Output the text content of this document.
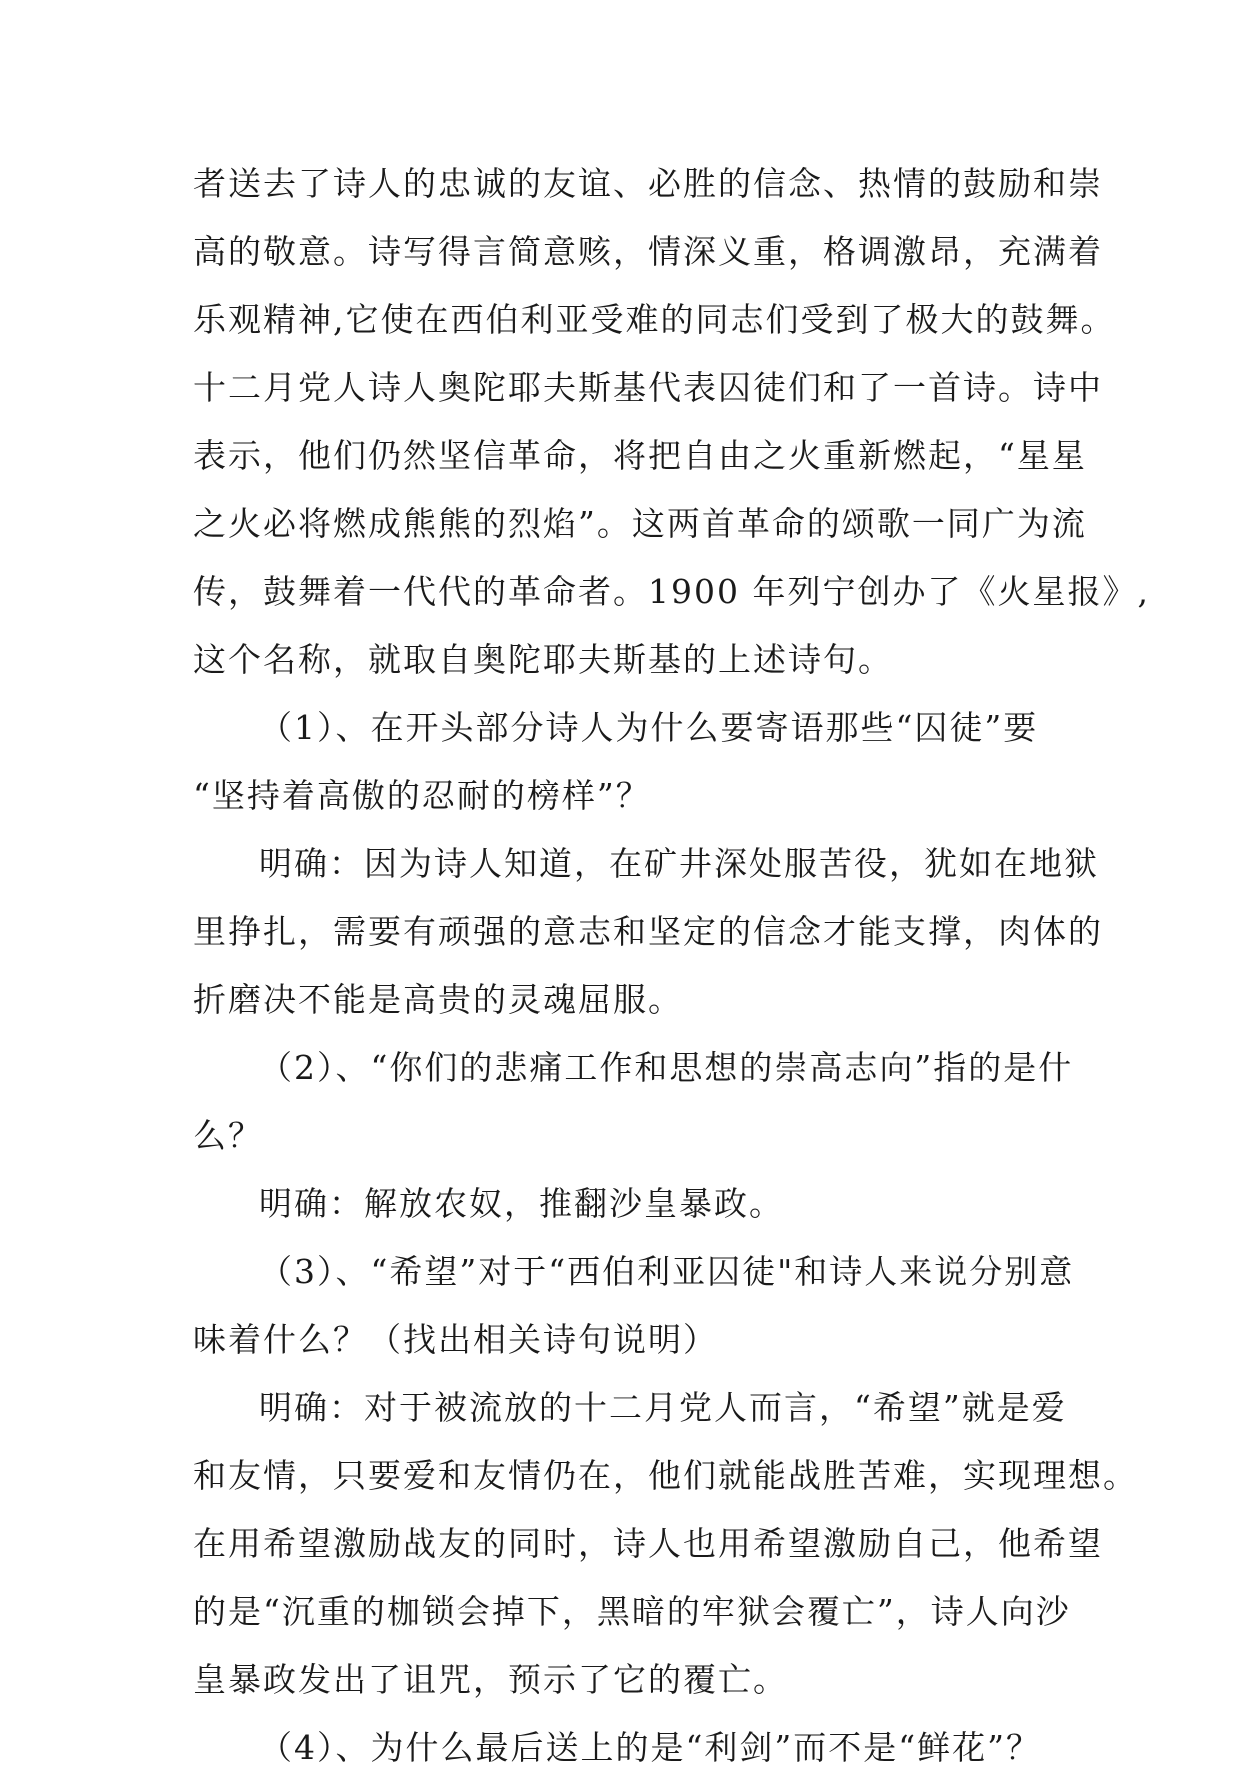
者送去了诗人的忠诚的友谊、必胜的信念、热情的鼓励和崇
高的敬意。诗写得言简意赅，情深义重，格调激昂，充满着
乐观精神,它使在西伯利亚受难的同志们受到了极大的鼓舞。
十二月党人诗人奥陀耶夫斯基代表囚徒们和了一首诗。诗中
表示，他们仍然坚信革命，将把自由之火重新燃起，“星星
之火必将燃成熊熊的烈焰”。这两首革命的颂歌一同广为流
传，鼓舞着一代代的革命者。1900 年列宁创办了《火星报》,
这个名称，就取自奥陀耶夫斯基的上述诗句。
（1）、在开头部分诗人为什么要寄语那些“囚徒”要
“坚持着高傲的忍耐的榜样”？
明确：因为诗人知道，在矿井深处服苦役，犹如在地狱
里挣扎，需要有顽强的意志和坚定的信念才能支撑，肉体的
折磨决不能是高贵的灵魂屈服。
（2）、“你们的悲痛工作和思想的崇高志向”指的是什
么？
明确：解放农奴，推翻沙皇暴政。
（3）、“希望”对于“西伯利亚囚徒"和诗人来说分别意
味着什么？（找出相关诗句说明）
明确：对于被流放的十二月党人而言，“希望”就是爱
和友情，只要爱和友情仍在，他们就能战胜苦难，实现理想。
在用希望激励战友的同时，诗人也用希望激励自己，他希望
的是“沉重的枷锁会掉下，黑暗的牢狱会覆亡”，诗人向沙
皇暴政发出了诅咒，预示了它的覆亡。
（4）、为什么最后送上的是“利剑”而不是“鲜花”？
